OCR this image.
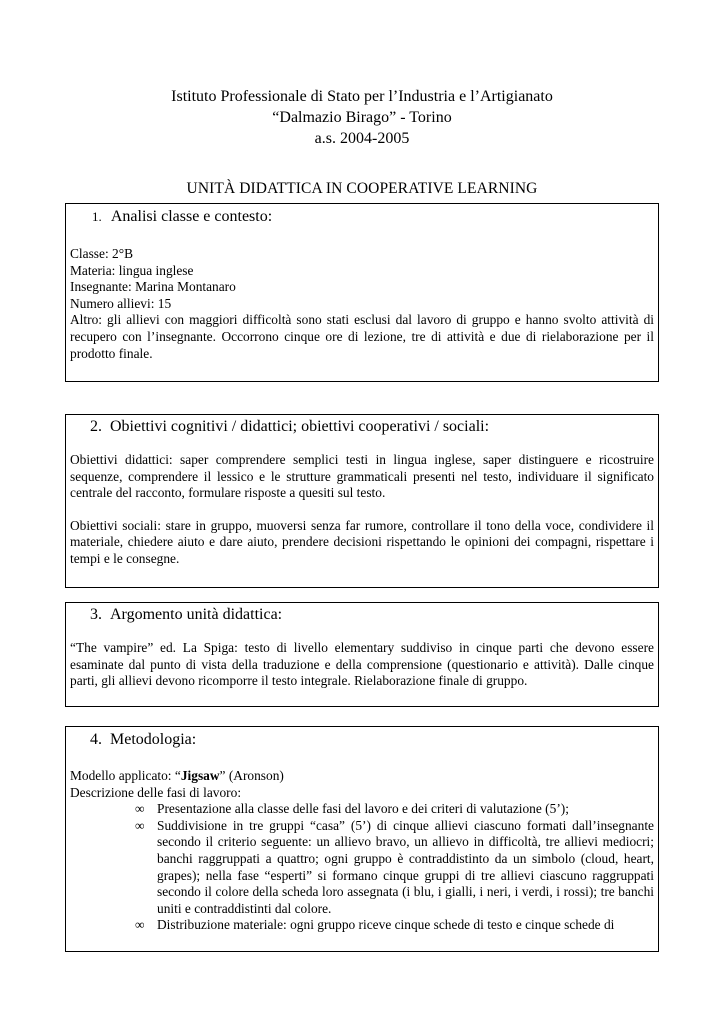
Istituto Professionale di Stato per l’Industria e l’Artigianato
“Dalmazio Birago” - Torino
a.s. 2004-2005
UNITÀ DIDATTICA IN COOPERATIVE LEARNING
1. Analisi classe e contesto:

Classe: 2°B

Materia: lingua inglese

Insegnante: Marina Montanaro

Numero allievi: 15

Altro: gli allievi con maggiori difficoltà sono stati esclusi dal lavoro di gruppo e hanno svolto attività di recupero con l’insegnante. Occorrono cinque ore di lezione, tre di attività e due di rielaborazione per il prodotto finale.

2. Obiettivi cognitivi / didattici; obiettivi cooperativi / sociali:

Obiettivi didattici: saper comprendere semplici testi in lingua inglese, saper distinguere e ricostruire sequenze, comprendere il lessico e le strutture grammaticali presenti nel testo, individuare il significato centrale del racconto, formulare risposte a quesiti sul testo.

Obiettivi sociali: stare in gruppo, muoversi senza far rumore, controllare il tono della voce, condividere il materiale, chiedere aiuto e dare aiuto, prendere decisioni rispettando le opinioni dei compagni, rispettare i tempi e le consegne.

3. Argomento unità didattica:

“The vampire” ed. La Spiga: testo di livello elementary suddiviso in cinque parti che devono essere esaminate dal punto di vista della traduzione e della comprensione (questionario e attività). Dalle cinque parti, gli allievi devono ricomporre il testo integrale. Rielaborazione finale di gruppo.

4. Metodologia:

Modello applicato: “Jigsaw” (Aronson)

Descrizione delle fasi di lavoro:

∞ Presentazione alla classe delle fasi del lavoro e dei criteri di valutazione (5’);
∞ Suddivisione in tre gruppi “casa” (5’) di cinque allievi ciascuno formati dall’insegnante secondo il criterio seguente: un allievo bravo, un allievo in difficoltà, tre allievi mediocri; banchi raggruppati a quattro; ogni gruppo è contraddistinto da un simbolo (cloud, heart, grapes); nella fase “esperti” si formano cinque gruppi di tre allievi ciascuno raggruppati secondo il colore della scheda loro assegnata (i blu, i gialli, i neri, i verdi, i rossi); tre banchi uniti e contraddistinti dal colore.
∞ Distribuzione materiale: ogni gruppo riceve cinque schede di testo e cinque schede di
